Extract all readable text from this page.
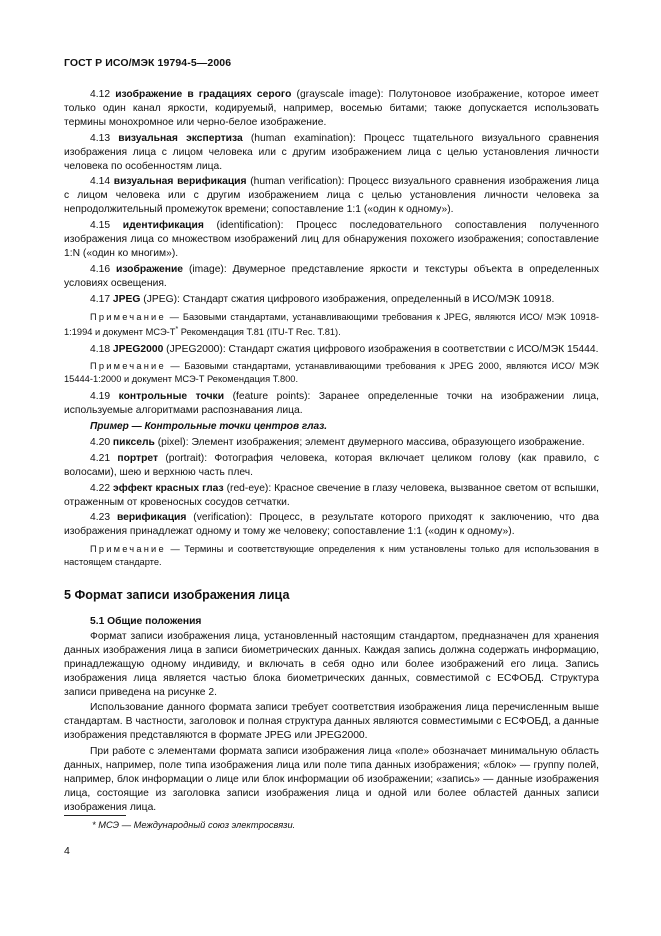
ГОСТ Р ИСО/МЭК 19794-5—2006

4.12 изображение в градациях серого (grayscale image): Полутоновое изображение, которое имеет только один канал яркости, кодируемый, например, восемью битами; также допускается использовать термины монохромное или черно-белое изображение.

4.13 визуальная экспертиза (human examination): Процесс тщательного визуального сравнения изображения лица с лицом человека или с другим изображением лица с целью установления личности человека по особенностям лица.

4.14 визуальная верификация (human verification): Процесс визуального сравнения изображения лица с лицом человека или с другим изображением лица с целью установления личности человека за непродолжительный промежуток времени; сопоставление 1:1 («один к одному»).

4.15 идентификация (identification): Процесс последовательного сопоставления полученного изображения лица со множеством изображений лиц для обнаружения похожего изображения; сопоставление 1:N («один ко многим»).

4.16 изображение (image): Двумерное представление яркости и текстуры объекта в определенных условиях освещения.

4.17 JPEG (JPEG): Стандарт сжатия цифрового изображения, определенный в ИСО/МЭК 10918.

Примечание — Базовыми стандартами, устанавливающими требования к JPEG, являются ИСО/ МЭК 10918-1:1994 и документ МСЭ-Т* Рекомендация Т.81 (ITU-T Rec. T.81).

4.18 JPEG2000 (JPEG2000): Стандарт сжатия цифрового изображения в соответствии с ИСО/МЭК 15444.

Примечание — Базовыми стандартами, устанавливающими требования к JPEG 2000, являются ИСО/ МЭК 15444-1:2000 и документ МСЭ-Т Рекомендация Т.800.

4.19 контрольные точки (feature points): Заранее определенные точки на изображении лица, используемые алгоритмами распознавания лица.

Пример — Контрольные точки центров глаз.

4.20 пиксель (pixel): Элемент изображения; элемент двумерного массива, образующего изображение.

4.21 портрет (portrait): Фотография человека, которая включает целиком голову (как правило, с волосами), шею и верхнюю часть плеч.

4.22 эффект красных глаз (red-eye): Красное свечение в глазу человека, вызванное светом от вспышки, отраженным от кровеносных сосудов сетчатки.

4.23 верификация (verification): Процесс, в результате которого приходят к заключению, что два изображения принадлежат одному и тому же человеку; сопоставление 1:1 («один к одному»).

Примечание — Термины и соответствующие определения к ним установлены только для использования в настоящем стандарте.

5 Формат записи изображения лица

5.1 Общие положения

Формат записи изображения лица, установленный настоящим стандартом, предназначен для хранения данных изображения лица в записи биометрических данных. Каждая запись должна содержать информацию, принадлежащую одному индивиду, и включать в себя одно или более изображений его лица. Запись изображения лица является частью блока биометрических данных, совместимой с ЕСФОБД. Структура записи приведена на рисунке 2.

Использование данного формата записи требует соответствия изображения лица перечисленным выше стандартам. В частности, заголовок и полная структура данных являются совместимыми с ЕСФОБД, а данные изображения представляются в формате JPEG или JPEG2000.

При работе с элементами формата записи изображения лица «поле» обозначает минимальную область данных, например, поле типа изображения лица или поле типа данных изображения; «блок» — группу полей, например, блок информации о лице или блок информации об изображении; «запись» — данные изображения лица, состоящие из заголовка записи изображения лица и одной или более областей данных записи изображения лица.

* МСЭ — Международный союз электросвязи.
4
